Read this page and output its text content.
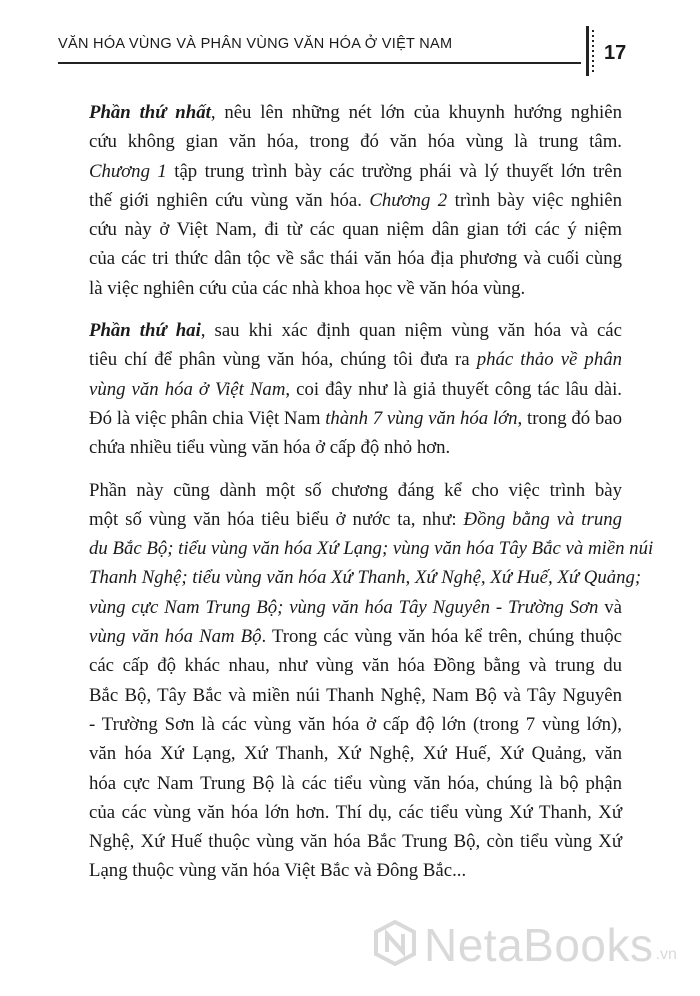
VĂN HÓA VÙNG VÀ PHÂN VÙNG VĂN HÓA Ở VIỆT NAM	17

Phần thứ nhất, nêu lên những nét lớn của khuynh hướng nghiên
cứu không gian văn hóa, trong đó văn hóa vùng là trung tâm.
Chương 1 tập trung trình bày các trường phái và lý thuyết lớn trên
thế giới nghiên cứu vùng văn hóa. Chương 2 trình bày việc nghiên
cứu này ở Việt Nam, đi từ các quan niệm dân gian tới các ý niệm
của các tri thức dân tộc về sắc thái văn hóa địa phương và cuối cùng
là việc nghiên cứu của các nhà khoa học về văn hóa vùng.

Phần thứ hai, sau khi xác định quan niệm vùng văn hóa và các
tiêu chí để phân vùng văn hóa, chúng tôi đưa ra phác thảo về phân
vùng văn hóa ở Việt Nam, coi đây như là giả thuyết công tác lâu dài.
Đó là việc phân chia Việt Nam thành 7 vùng văn hóa lớn, trong đó bao
chứa nhiều tiểu vùng văn hóa ở cấp độ nhỏ hơn.

Phần này cũng dành một số chương đáng kể cho việc trình bày
một số vùng văn hóa tiêu biểu ở nước ta, như: Đồng bằng và trung
du Bắc Bộ; tiểu vùng văn hóa Xứ Lạng; vùng văn hóa Tây Bắc và miền núi
Thanh Nghệ; tiểu vùng văn hóa Xứ Thanh, Xứ Nghệ, Xứ Huế, Xứ Quảng;
vùng cực Nam Trung Bộ; vùng văn hóa Tây Nguyên - Trường Sơn và
vùng văn hóa Nam Bộ. Trong các vùng văn hóa kể trên, chúng thuộc
các cấp độ khác nhau, như vùng văn hóa Đồng bằng và trung du
Bắc Bộ, Tây Bắc và miền núi Thanh Nghệ, Nam Bộ và Tây Nguyên
- Trường Sơn là các vùng văn hóa ở cấp độ lớn (trong 7 vùng lớn),
văn hóa Xứ Lạng, Xứ Thanh, Xứ Nghệ, Xứ Huế, Xứ Quảng, văn
hóa cực Nam Trung Bộ là các tiểu vùng văn hóa, chúng là bộ phận
của các vùng văn hóa lớn hơn. Thí dụ, các tiểu vùng Xứ Thanh, Xứ
Nghệ, Xứ Huế thuộc vùng văn hóa Bắc Trung Bộ, còn tiểu vùng Xứ
Lạng thuộc vùng văn hóa Việt Bắc và Đông Bắc...

NetaBooks .vn
